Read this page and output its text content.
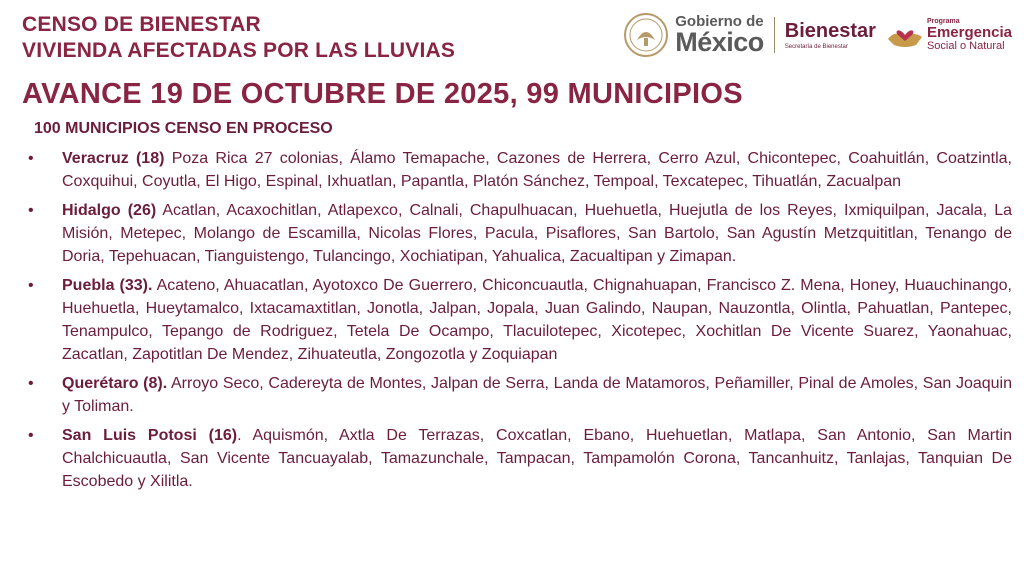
CENSO DE BIENESTAR
VIVIENDA AFECTADAS POR LAS LLUVIAS
AVANCE 19 DE OCTUBRE DE 2025, 99 MUNICIPIOS
100 MUNICIPIOS CENSO EN PROCESO
Gobierno de
México Bienestar
Secretaría de Bienestar
Programa
Emergencia
Social o Natural
•	Veracruz (18) Poza Rica 27 colonias, Álamo Temapache, Cazones de Herrera, Cerro Azul, Chicontepec, Coahuitlán, Coatzintla, Coxquihui, Coyutla, El Higo, Espinal, Ixhuatlan, Papantla, Platón Sánchez, Tempoal, Texcatepec, Tihuatlán, Zacualpan
•	Hidalgo (26) Acatlan, Acaxochitlan, Atlapexco, Calnali, Chapulhuacan, Huehuetla, Huejutla de los Reyes, Ixmiquilpan, Jacala, La Misión, Metepec, Molango de Escamilla, Nicolas Flores, Pacula, Pisaflores, San Bartolo, San Agustín Metzquititlan, Tenango de Doria, Tepehuacan, Tianguistengo, Tulancingo, Xochiatipan, Yahualica, Zacualtipan y Zimapan.
•	Puebla (33). Acateno, Ahuacatlan, Ayotoxco De Guerrero, Chiconcuautla, Chignahuapan, Francisco Z. Mena, Honey, Huauchinango, Huehuetla, Hueytamalco, Ixtacamaxtitlan, Jonotla, Jalpan, Jopala, Juan Galindo, Naupan, Nauzontla, Olintla, Pahuatlan, Pantepec, Tenampulco, Tepango de Rodriguez, Tetela De Ocampo, Tlacuilotepec, Xicotepec, Xochitlan De Vicente Suarez, Yaonahuac, Zacatlan, Zapotitlan De Mendez, Zihuateutla, Zongozotla y Zoquiapan
•	Querétaro (8). Arroyo Seco, Cadereyta de Montes, Jalpan de Serra, Landa de Matamoros, Peñamiller, Pinal de Amoles, San Joaquin y Toliman.
•	San Luis Potosi (16). Aquismón, Axtla De Terrazas, Coxcatlan, Ebano, Huehuetlan, Matlapa, San Antonio, San Martin Chalchicuautla, San Vicente Tancuayalab, Tamazunchale, Tampacan, Tampamolón Corona, Tancanhuitz, Tanlajas, Tanquian De Escobedo y Xilitla.
